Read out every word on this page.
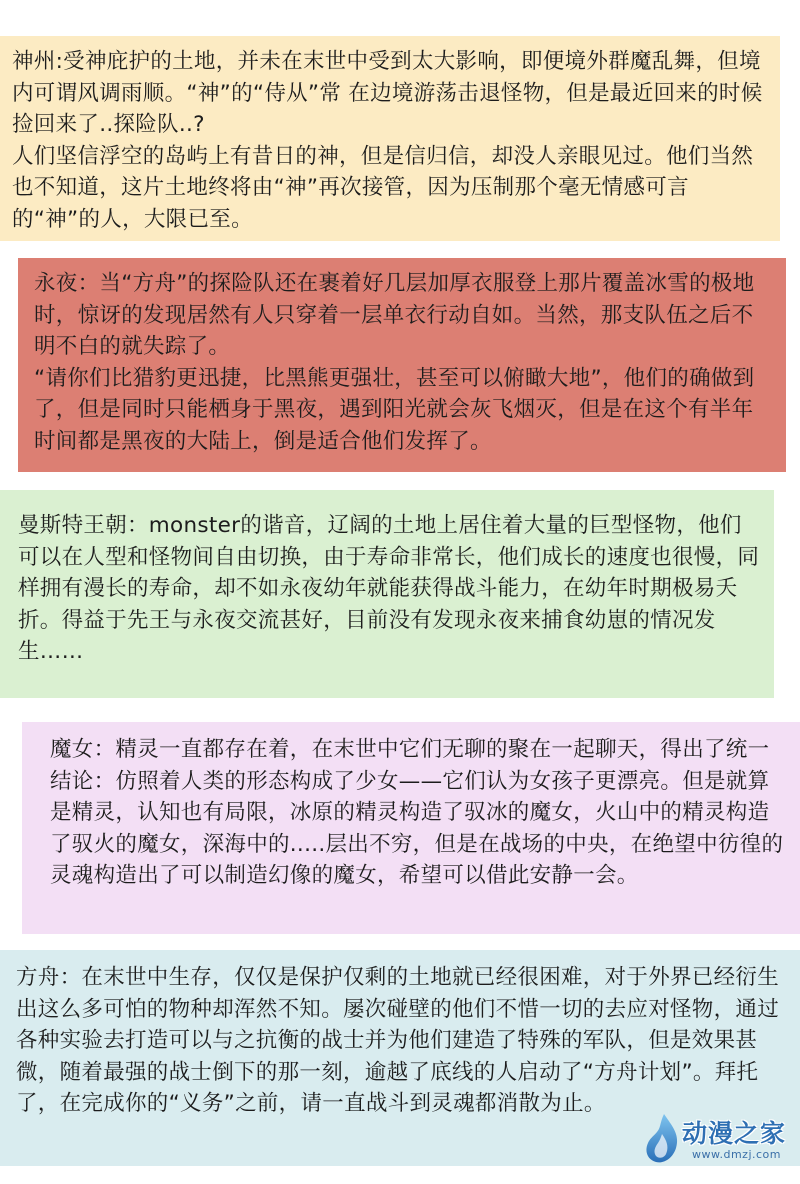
神州:受神庇护的土地，并未在末世中受到太大影响，即便境外群魔乱舞，但境内可谓风调雨顺。“神”的“侍从”常 在边境游荡击退怪物，但是最近回来的时候捡回来了..探险队..?
人们坚信浮空的岛屿上有昔日的神，但是信归信，却没人亲眼见过。他们当然也不知道，这片土地终将由“神”再次接管，因为压制那个毫无情感可言的“神”的人，大限已至。

永夜：当“方舟”的探险队还在裹着好几层加厚衣服登上那片覆盖冰雪的极地时，惊讶的发现居然有人只穿着一层单衣行动自如。当然，那支队伍之后不明不白的就失踪了。
“请你们比猎豹更迅捷，比黑熊更强壮，甚至可以俯瞰大地”，他们的确做到了，但是同时只能栖身于黑夜，遇到阳光就会灰飞烟灭，但是在这个有半年时间都是黑夜的大陆上，倒是适合他们发挥了。

曼斯特王朝：monster的谐音，辽阔的土地上居住着大量的巨型怪物，他们可以在人型和怪物间自由切换，由于寿命非常长，他们成长的速度也很慢，同样拥有漫长的寿命，却不如永夜幼年就能获得战斗能力，在幼年时期极易夭折。得益于先王与永夜交流甚好，目前没有发现永夜来捕食幼崽的情况发生……

魔女：精灵一直都存在着，在末世中它们无聊的聚在一起聊天，得出了统一结论：仿照着人类的形态构成了少女——它们认为女孩子更漂亮。但是就算是精灵，认知也有局限，冰原的精灵构造了驭冰的魔女，火山中的精灵构造了驭火的魔女，深海中的.....层出不穷，但是在战场的中央，在绝望中彷徨的灵魂构造出了可以制造幻像的魔女，希望可以借此安静一会。

方舟：在末世中生存，仅仅是保护仅剩的土地就已经很困难，对于外界已经衍生出这么多可怕的物种却浑然不知。屡次碰壁的他们不惜一切的去应对怪物，通过各种实验去打造可以与之抗衡的战士并为他们建造了特殊的军队，但是效果甚微，随着最强的战士倒下的那一刻，逾越了底线的人启动了“方舟计划”。拜托了，在完成你的“义务”之前，请一直战斗到灵魂都消散为止。

动漫之家
www.dmzj.com
